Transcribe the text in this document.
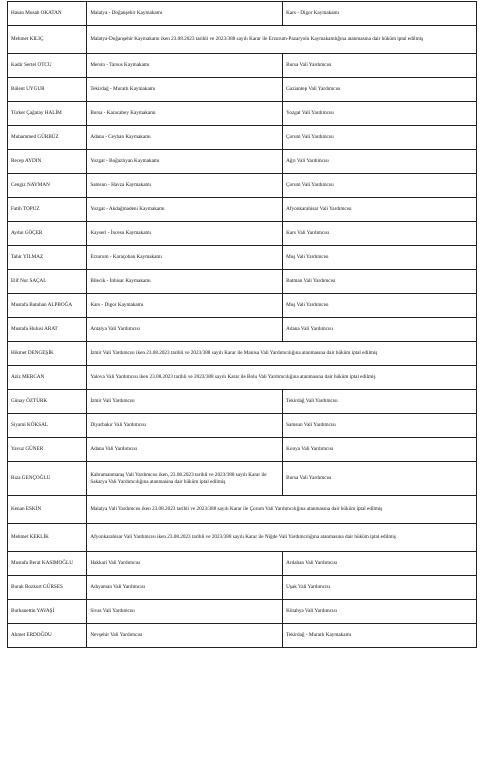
Hasan Musab OKATAN	Malatya - Doğanşehir Kaymakamı	Kars - Digor Kaymakamı
Mehmet KILIÇ	Malatya-Doğanşehir Kaymakamı iken 23.08.2023 tarihli ve 2023/388 sayılı Karar ile Erzurum-Pazaryolu Kaymakamlığına atanmasına dair hüküm iptal edilmiş	
Kadir Sertel OTCU	Mersin - Tarsus Kaymakamı	Bursa Vali Yardımcısı
Bülent UYGUR	Tekirdağ - Muratlı Kaymakamı	Gaziantep Vali Yardımcısı
Türker Çağatay HALİM	Bursa - Karacabey Kaymakamı	Yozgat Vali Yardımcısı
Muhammed GÜRBÜZ	Adana - Ceyhan Kaymakamı	Çorum Vali Yardımcısı
Recep AYDIN	Yozgat - Boğazlıyan Kaymakamı	Ağrı Vali Yardımcısı
Cengiz NAYMAN	Samsun - Havza Kaymakamı	Çorum Vali Yardımcısı
Fatih TOPUZ	Yozgat - Akdağmadeni Kaymakamı	Afyonkarahisar Vali Yardımcısı
Aydın GÖÇER	Kayseri - İncesu Kaymakamı	Kars Vali Yardımcısı
Tahir YILMAZ	Erzurum - Karaçoban Kaymakamı	Muş Vali Yardımcısı
Elif Nur SAÇAL	Bilecik - İnhisar Kaymakamı	Batman Vali Yardımcısı
Mustafa Batuhan ALPBOĞA	Kars - Digor Kaymakamı	Muş Vali Yardımcısı
Mustafa Hulusi ARAT	Antalya Vali Yardımcısı	Adana Vali Yardımcısı
Hikmet DENGEŞİK	İzmir Vali Yardımcısı iken 23.08.2023 tarihli ve 2023/388 sayılı Karar ile Manisa Vali Yardımcılığına atanmasına dair hüküm iptal edilmiş	
Aziz MERCAN	Yalova Vali Yardımcısı iken 23.08.2023 tarihli ve 2023/388 sayılı Karar ile Bolu Vali Yardımcılığına atanmasına dair hüküm iptal edilmiş	
Günay ÖZTÜRK	İzmir Vali Yardımcısı	Tekirdağ Vali Yardımcısı
Siyami KÖKSAL	Diyarbakır Vali Yardımcısı	Samsun Vali Yardımcısı
Yavuz GÜNER	Adana Vali Yardımcısı	Konya Vali Yardımcısı
Rıza GENÇOĞLU	Kahramanmaraş Vali Yardımcısı iken, 23.08.2023 tarihli ve 2023/388 sayılı Karar ile Sakarya Vali Yardımcılığına atanmasına dair hüküm iptal edilmiş	Bursa Vali Yardımcısı
Kenan ESKİN	Malatya Vali Yardımcısı iken 23.08.2023 tarihli ve 2023/388 sayılı Karar ile Çorum Vali Yardımcılığına atanmasına dair hüküm iptal edilmiş	
Mehmet KEKLİK	Afyonkarahisar Vali Yardımcısı iken 23.08.2023 tarihli ve 2023/388 sayılı Karar ile Niğde Vali Yardımcılığına atanmasına dair hüküm iptal edilmiş	
Mustafa Berat KASIMOĞLU	Hakkari Vali Yardımcısı	Ardahan Vali Yardımcısı
Burak Bozkurt GÜRSES	Adıyaman Vali Yardımcısı	Uşak Vali Yardımcısı
Burhanettin YAVAŞİ	Sivas Vali Yardımcısı	Kütahya Vali Yardımcısı
Ahmet ERDOĞDU	Nevşehir Vali Yardımcısı	Tekirdağ - Muratlı Kaymakamı
